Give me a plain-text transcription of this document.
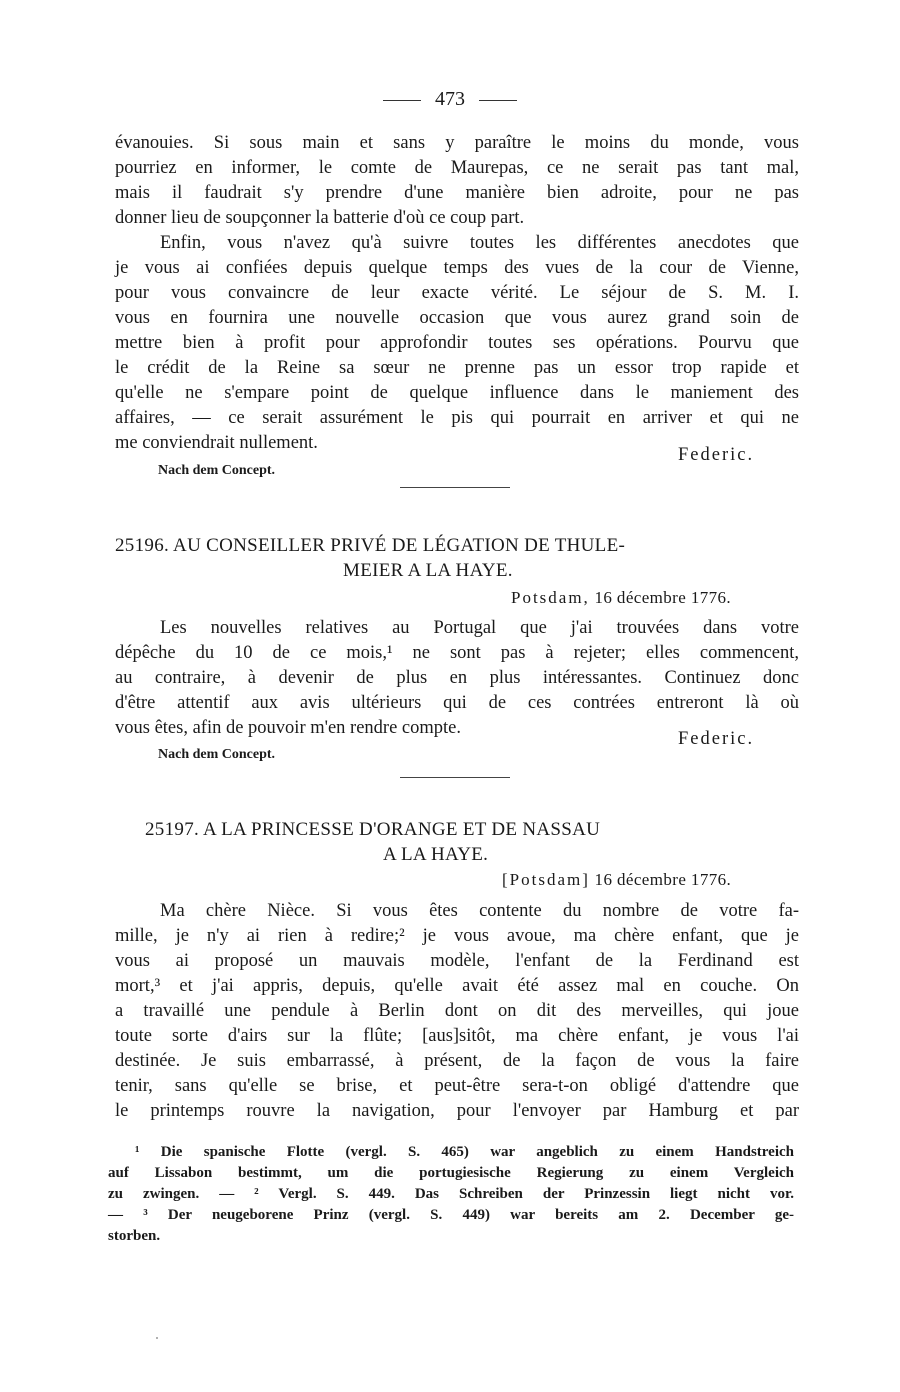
473
évanouies. Si sous main et sans y paraître le moins du monde, vous
pourriez en informer, le comte de Maurepas, ce ne serait pas tant mal,
mais il faudrait s'y prendre d'une manière bien adroite, pour ne pas
donner lieu de soupçonner la batterie d'où ce coup part.
Enfin, vous n'avez qu'à suivre toutes les différentes anecdotes que
je vous ai confiées depuis quelque temps des vues de la cour de Vienne,
pour vous convaincre de leur exacte vérité. Le séjour de S. M. I.
vous en fournira une nouvelle occasion que vous aurez grand soin de
mettre bien à profit pour approfondir toutes ses opérations. Pourvu que
le crédit de la Reine sa sœur ne prenne pas un essor trop rapide et
qu'elle ne s'empare point de quelque influence dans le maniement des
affaires, — ce serait assurément le pis qui pourrait en arriver et qui ne
me conviendrait nullement.
Federic.
Nach dem Concept.
25196. AU CONSEILLER PRIVÉ DE LÉGATION DE THULE-
MEIER A LA HAYE.
Potsdam, 16 décembre 1776.
Les nouvelles relatives au Portugal que j'ai trouvées dans votre
dépêche du 10 de ce mois,¹ ne sont pas à rejeter; elles commencent,
au contraire, à devenir de plus en plus intéressantes. Continuez donc
d'être attentif aux avis ultérieurs qui de ces contrées entreront là où
vous êtes, afin de pouvoir m'en rendre compte.
Federic.
Nach dem Concept.
25197. A LA PRINCESSE D'ORANGE ET DE NASSAU
A LA HAYE.
[Potsdam] 16 décembre 1776.
Ma chère Nièce. Si vous êtes contente du nombre de votre fa-
mille, je n'y ai rien à redire;² je vous avoue, ma chère enfant, que je
vous ai proposé un mauvais modèle, l'enfant de la Ferdinand est
mort,³ et j'ai appris, depuis, qu'elle avait été assez mal en couche. On
a travaillé une pendule à Berlin dont on dit des merveilles, qui joue
toute sorte d'airs sur la flûte; [aus]sitôt, ma chère enfant, je vous l'ai
destinée. Je suis embarrassé, à présent, de la façon de vous la faire
tenir, sans qu'elle se brise, et peut-être sera-t-on obligé d'attendre que
le printemps rouvre la navigation, pour l'envoyer par Hamburg et par
¹ Die spanische Flotte (vergl. S. 465) war angeblich zu einem Handstreich
auf Lissabon bestimmt, um die portugiesische Regierung zu einem Vergleich
zu zwingen. — ² Vergl. S. 449. Das Schreiben der Prinzessin liegt nicht vor.
— ³ Der neugeborene Prinz (vergl. S. 449) war bereits am 2. December ge-
storben.
